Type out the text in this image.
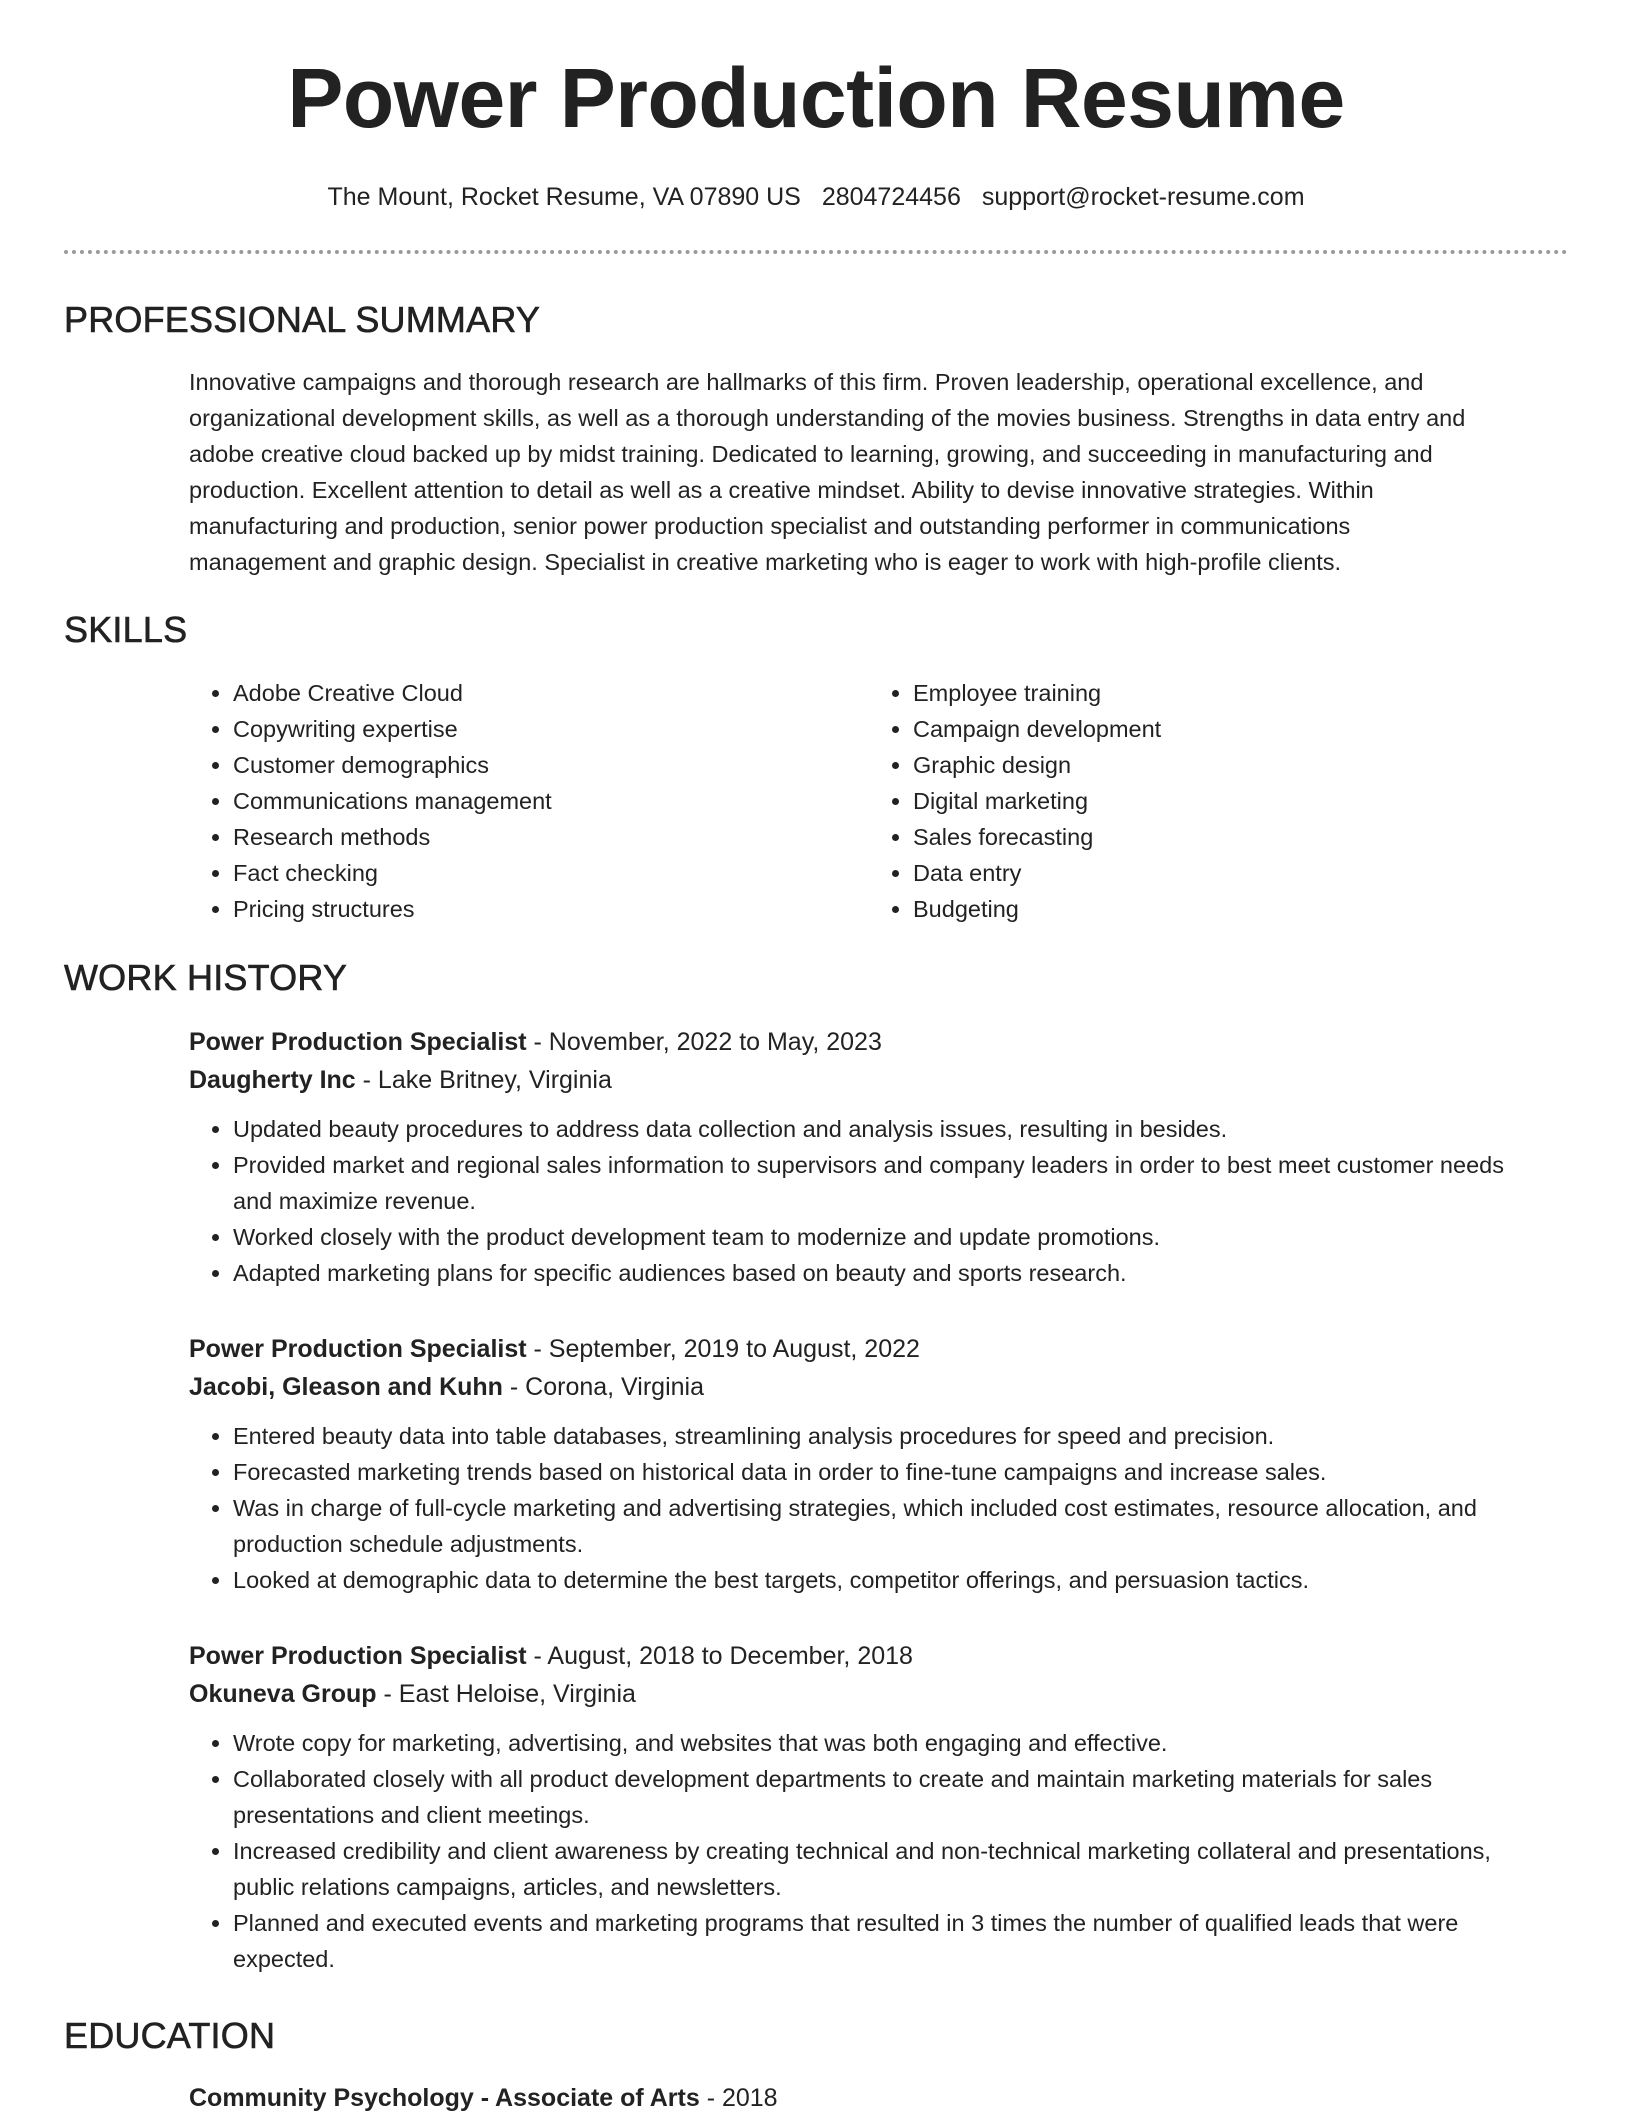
Power Production Resume
The Mount, Rocket Resume, VA 07890 US 2804724456 support@rocket-resume.com
PROFESSIONAL SUMMARY

Innovative campaigns and thorough research are hallmarks of this firm. Proven leadership, operational excellence, and

organizational development skills, as well as a thorough understanding of the movies business. Strengths in data entry and

adobe creative cloud backed up by midst training. Dedicated to learning, growing, and succeeding in manufacturing and

production. Excellent attention to detail as well as a creative mindset. Ability to devise innovative strategies. Within

manufacturing and production, senior power production specialist and outstanding performer in communications

management and graphic design. Specialist in creative marketing who is eager to work with high-profile clients.

SKILLS
• Adobe Creative Cloud
• Copywriting expertise
• Customer demographics
• Communications management
• Research methods
• Fact checking
• Pricing structures
• Employee training
• Campaign development
• Graphic design
• Digital marketing
• Sales forecasting
• Data entry
• Budgeting
WORK HISTORY

Power Production Specialist - November, 2022 to May, 2023

Daugherty Inc - Lake Britney, Virginia

• Updated beauty procedures to address data collection and analysis issues, resulting in besides.
• Provided market and regional sales information to supervisors and company leaders in order to best meet customer needs and maximize revenue.
• Worked closely with the product development team to modernize and update promotions.
• Adapted marketing plans for specific audiences based on beauty and sports research.

Power Production Specialist - September, 2019 to August, 2022

Jacobi, Gleason and Kuhn - Corona, Virginia

• Entered beauty data into table databases, streamlining analysis procedures for speed and precision.
• Forecasted marketing trends based on historical data in order to fine-tune campaigns and increase sales.
• Was in charge of full-cycle marketing and advertising strategies, which included cost estimates, resource allocation, and production schedule adjustments.
• Looked at demographic data to determine the best targets, competitor offerings, and persuasion tactics.

Power Production Specialist - August, 2018 to December, 2018

Okuneva Group - East Heloise, Virginia

• Wrote copy for marketing, advertising, and websites that was both engaging and effective.
• Collaborated closely with all product development departments to create and maintain marketing materials for sales presentations and client meetings.
• Increased credibility and client awareness by creating technical and non-technical marketing collateral and presentations, public relations campaigns, articles, and newsletters.
• Planned and executed events and marketing programs that resulted in 3 times the number of qualified leads that were expected.
EDUCATION

Community Psychology - Associate of Arts - 2018
